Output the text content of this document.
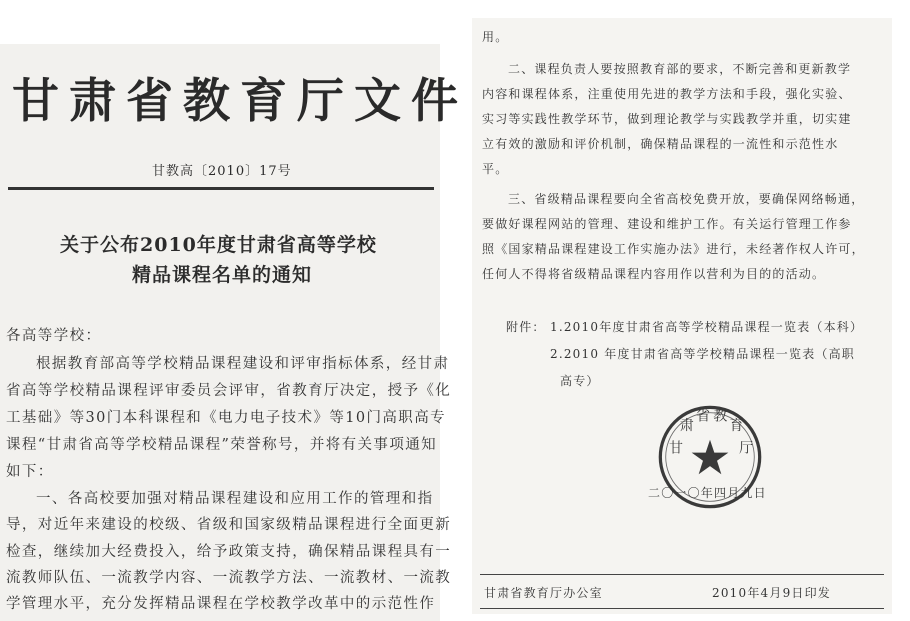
甘肃省教育厅文件
甘教高〔2010〕17号
关于公布2010年度甘肃省高等学校
精品课程名单的通知
各高等学校：
根据教育部高等学校精品课程建设和评审指标体系，经甘肃
省高等学校精品课程评审委员会评审，省教育厅决定，授予《化
工基础》等30门本科课程和《电力电子技术》等10门高职高专
课程“甘肃省高等学校精品课程”荣誉称号，并将有关事项通知
如下：
一、各高校要加强对精品课程建设和应用工作的管理和指
导，对近年来建设的校级、省级和国家级精品课程进行全面更新
检查，继续加大经费投入，给予政策支持，确保精品课程具有一
流教师队伍、一流教学内容、一流教学方法、一流教材、一流教
学管理水平，充分发挥精品课程在学校教学改革中的示范性作
用。
二、课程负责人要按照教育部的要求，不断完善和更新教学
内容和课程体系，注重使用先进的教学方法和手段，强化实验、
实习等实践性教学环节，做到理论教学与实践教学并重，切实建
立有效的激励和评价机制，确保精品课程的一流性和示范性水
平。
三、省级精品课程要向全省高校免费开放，要确保网络畅通，
要做好课程网站的管理、建设和维护工作。有关运行管理工作参
照《国家精品课程建设工作实施办法》进行，未经著作权人许可，
任何人不得将省级精品课程内容用作以营利为目的的活动。
附件： 1.2010年度甘肃省高等学校精品课程一览表（本科）
2.2010 年度甘肃省高等学校精品课程一览表（高职
高专）
甘
肃
省 教
育
厅
二〇一〇年四月九日
甘肃省教育厅办公室	2010年4月9日印发
